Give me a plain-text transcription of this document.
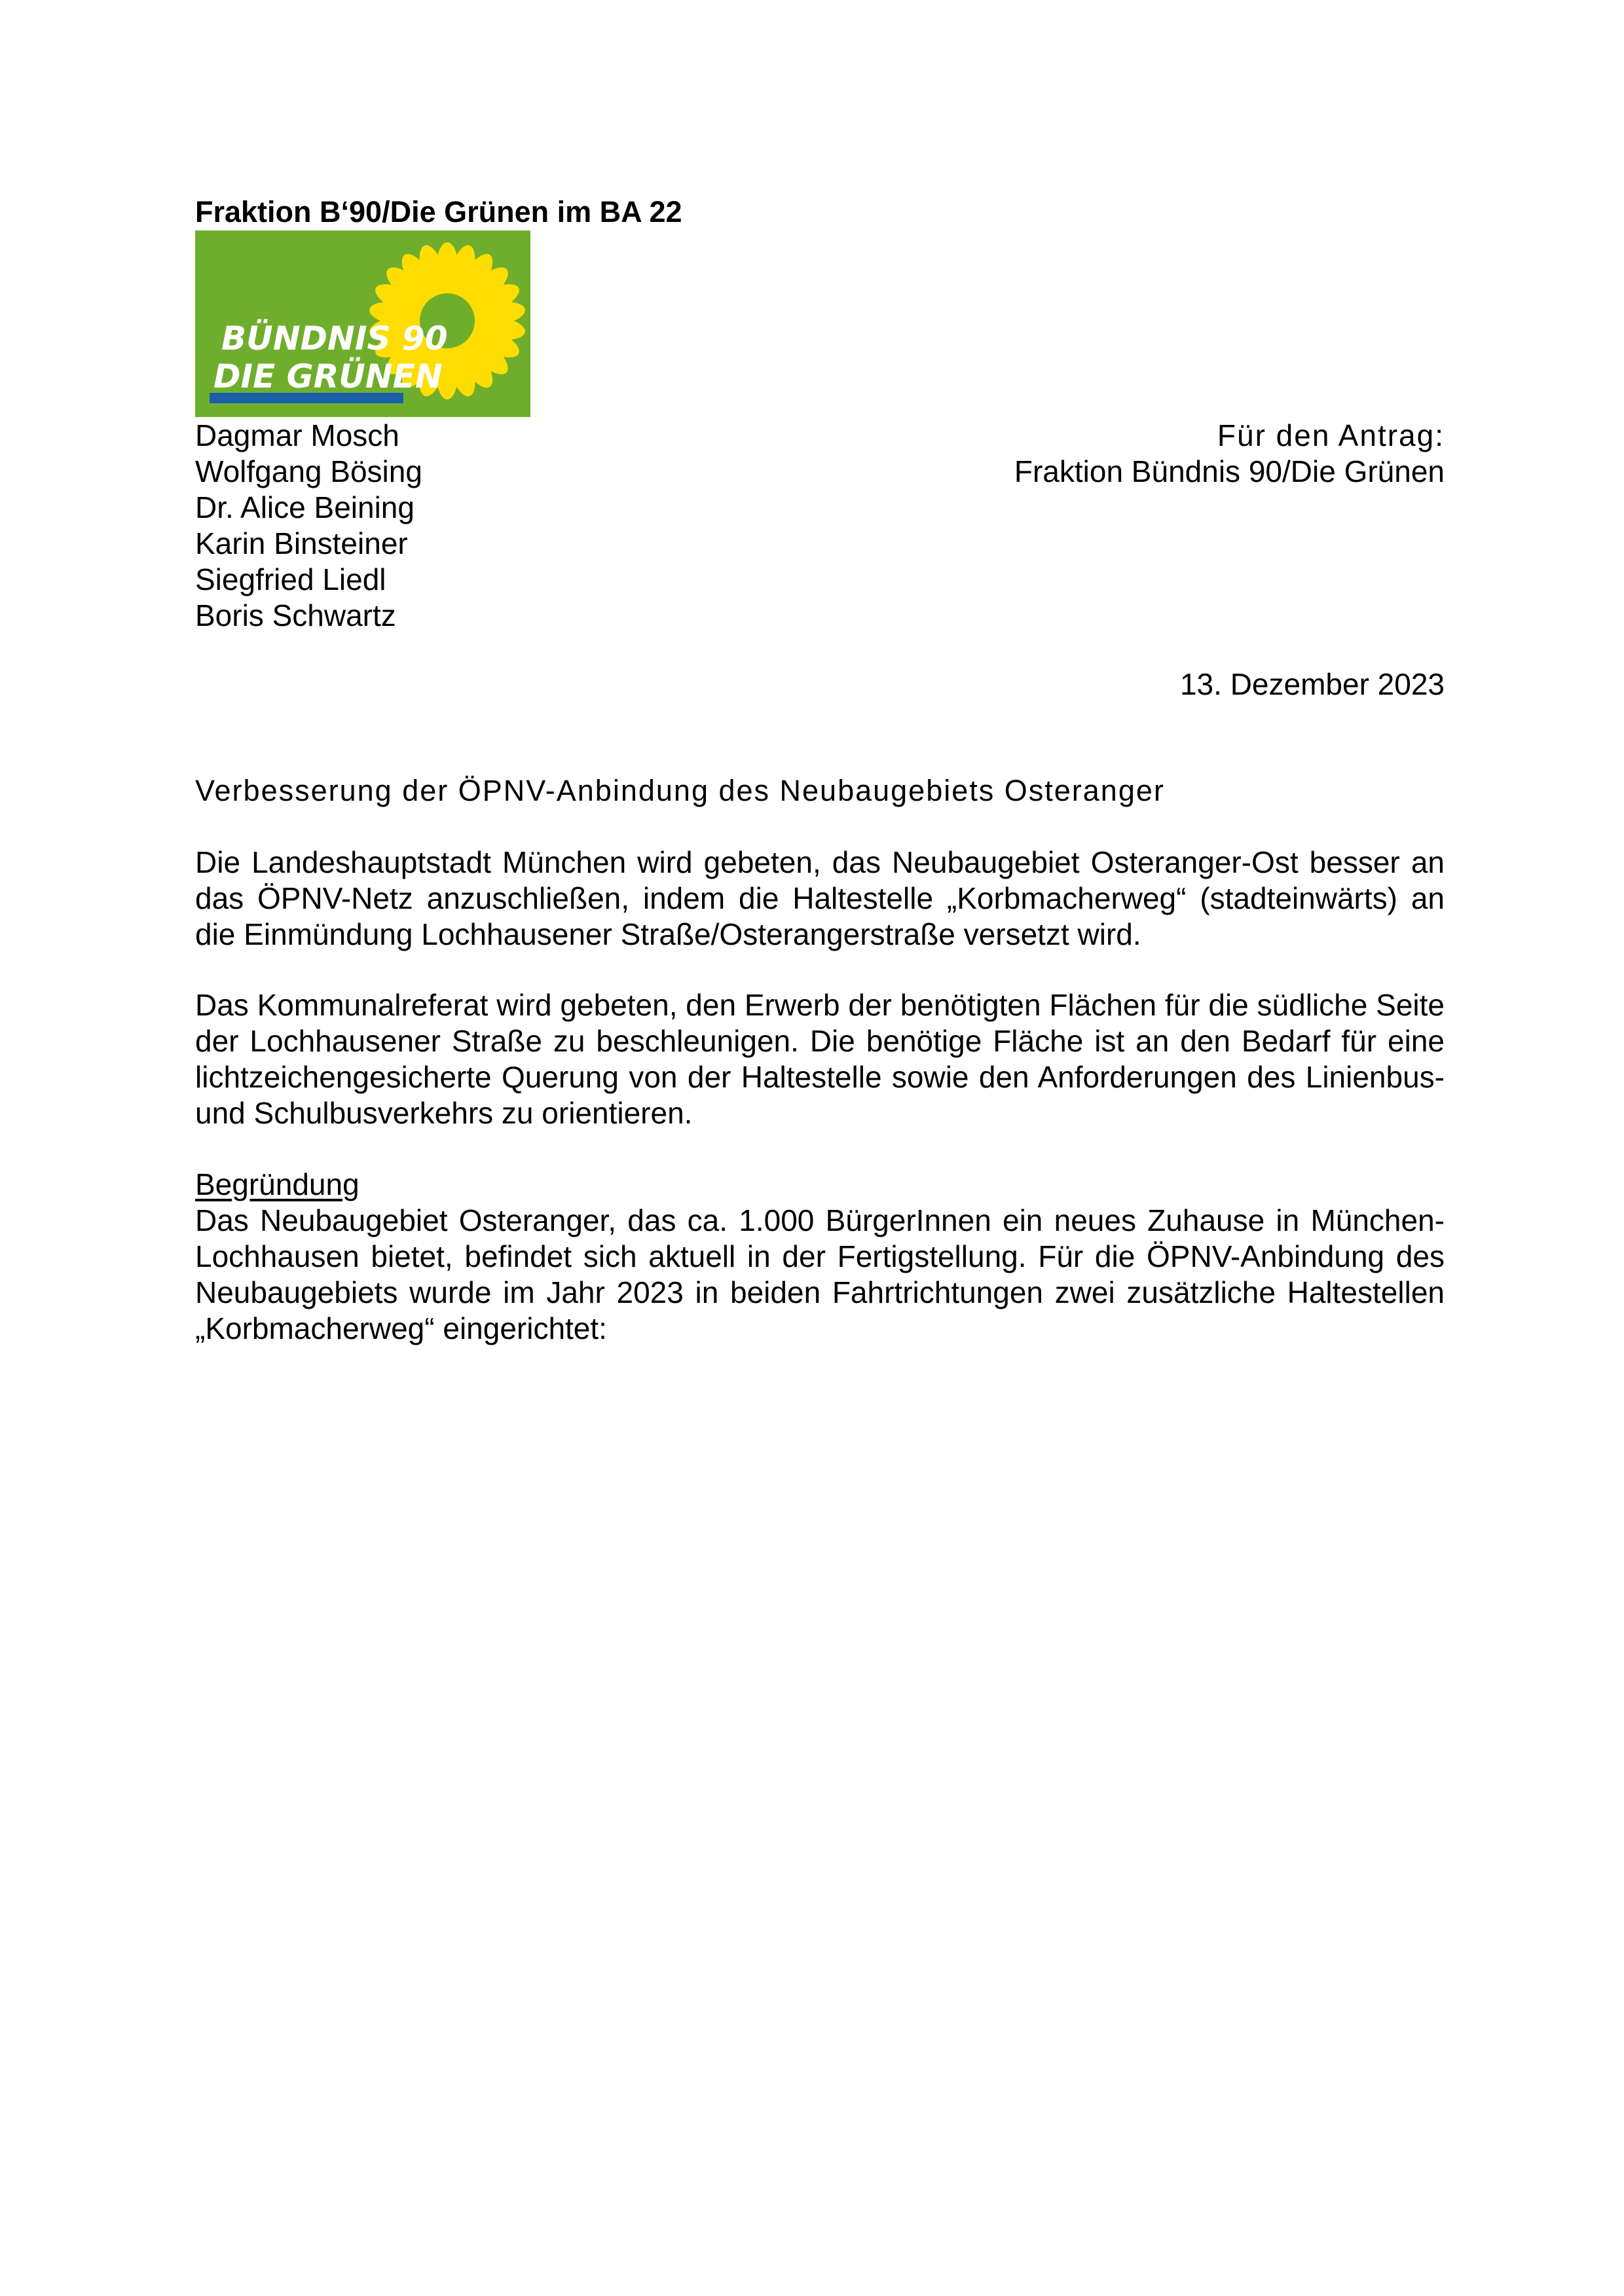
Fraktion B‘90/Die Grünen im BA 22
BÜNDNIS 90
DIE GRÜNEN
Dagmar Mosch
Wolfgang Bösing
Dr. Alice Beining
Karin Binsteiner
Siegfried Liedl
Boris Schwartz
Für den Antrag:
Fraktion Bündnis 90/Die Grünen
13. Dezember 2023
Verbesserung der ÖPNV-Anbindung des Neubaugebiets Osteranger

Die Landeshauptstadt München wird gebeten, das Neubaugebiet Osteranger-Ost besser an das ÖPNV-Netz anzuschließen, indem die Haltestelle „Korbmacherweg“ (stadteinwärts) an die Einmündung Lochhausener Straße/Osterangerstraße versetzt wird.

Das Kommunalreferat wird gebeten, den Erwerb der benötigten Flächen für die südliche Seite der Lochhausener Straße zu beschleunigen. Die benötige Fläche ist an den Bedarf für eine lichtzeichengesicherte Querung von der Haltestelle sowie den Anforderungen des Linienbus- und Schulbusverkehrs zu orientieren.

Begründung

Das Neubaugebiet Osteranger, das ca. 1.000 BürgerInnen ein neues Zuhause in München-Lochhausen bietet, befindet sich aktuell in der Fertigstellung. Für die ÖPNV-Anbindung des Neubaugebiets wurde im Jahr 2023 in beiden Fahrtrichtungen zwei zusätzliche Haltestellen „Korbmacherweg“ eingerichtet:
